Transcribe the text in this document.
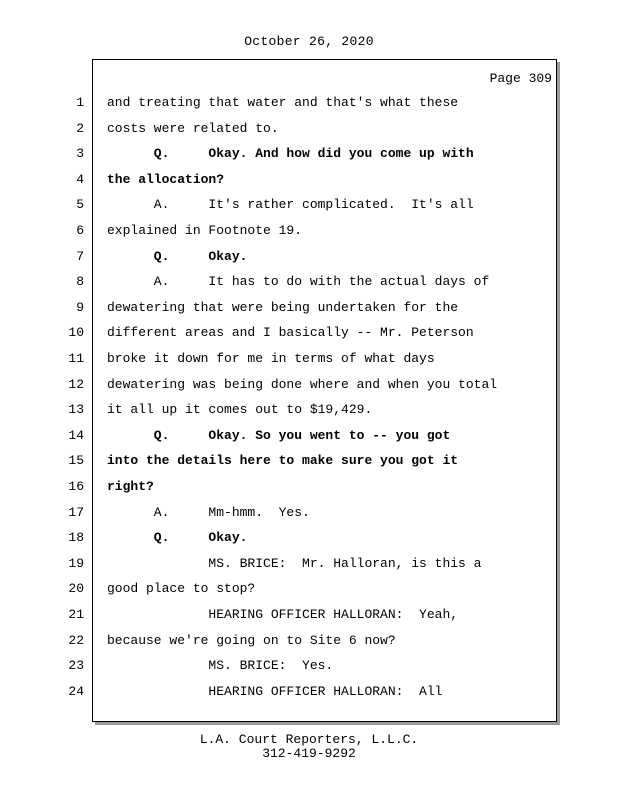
October 26, 2020
Page 309
1 and treating that water and that's what these
2 costs were related to.
3 Q.     Okay. And how did you come up with
4 the allocation?
5 A.     It's rather complicated.  It's all
6 explained in Footnote 19.
7 Q.     Okay.
8 A.     It has to do with the actual days of
9 dewatering that were being undertaken for the
10 different areas and I basically -- Mr. Peterson
11 broke it down for me in terms of what days
12 dewatering was being done where and when you total
13 it all up it comes out to $19,429.
14 Q.     Okay. So you went to -- you got
15 into the details here to make sure you got it
16 right?
17 A.     Mm-hmm.  Yes.
18 Q.     Okay.
19 MS. BRICE:  Mr. Halloran, is this a
20 good place to stop?
21 HEARING OFFICER HALLORAN:  Yeah,
22 because we're going on to Site 6 now?
23 MS. BRICE:  Yes.
24 HEARING OFFICER HALLORAN:  All
L.A. Court Reporters, L.L.C.
312-419-9292
